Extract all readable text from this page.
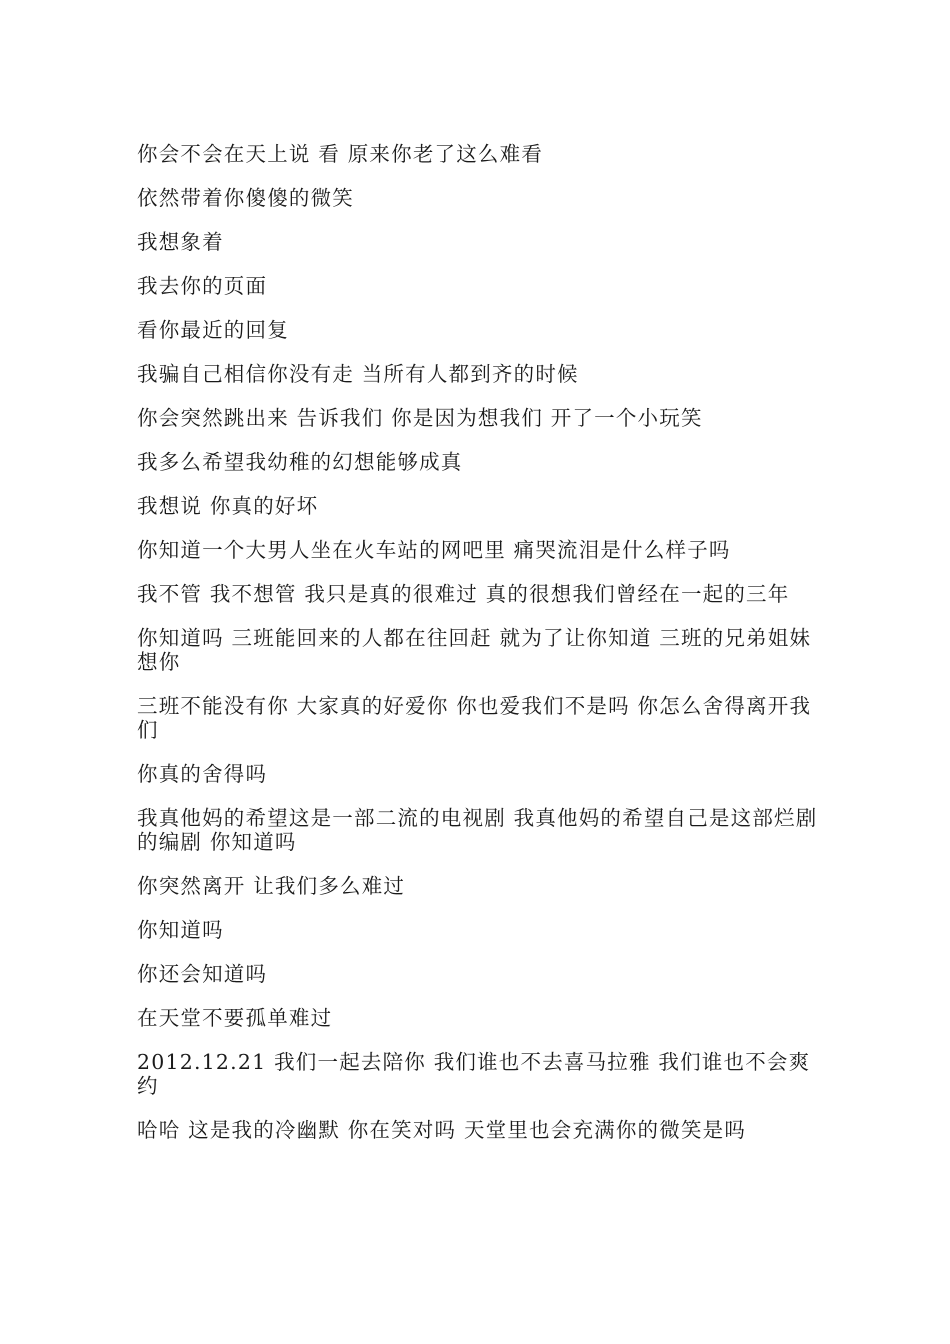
你会不会在天上说 看 原来你老了这么难看

依然带着你傻傻的微笑

我想象着

我去你的页面

看你最近的回复

我骗自己相信你没有走 当所有人都到齐的时候

你会突然跳出来 告诉我们 你是因为想我们 开了一个小玩笑

我多么希望我幼稚的幻想能够成真

我想说 你真的好坏

你知道一个大男人坐在火车站的网吧里 痛哭流泪是什么样子吗

我不管 我不想管 我只是真的很难过 真的很想我们曾经在一起的三年

你知道吗 三班能回来的人都在往回赶 就为了让你知道 三班的兄弟姐妹想你

三班不能没有你 大家真的好爱你 你也爱我们不是吗 你怎么舍得离开我们

你真的舍得吗

我真他妈的希望这是一部二流的电视剧 我真他妈的希望自己是这部烂剧的编剧 你知道吗

你突然离开 让我们多么难过

你知道吗

你还会知道吗

在天堂不要孤单难过

2012.12.21 我们一起去陪你 我们谁也不去喜马拉雅 我们谁也不会爽约

哈哈 这是我的冷幽默 你在笑对吗 天堂里也会充满你的微笑是吗
